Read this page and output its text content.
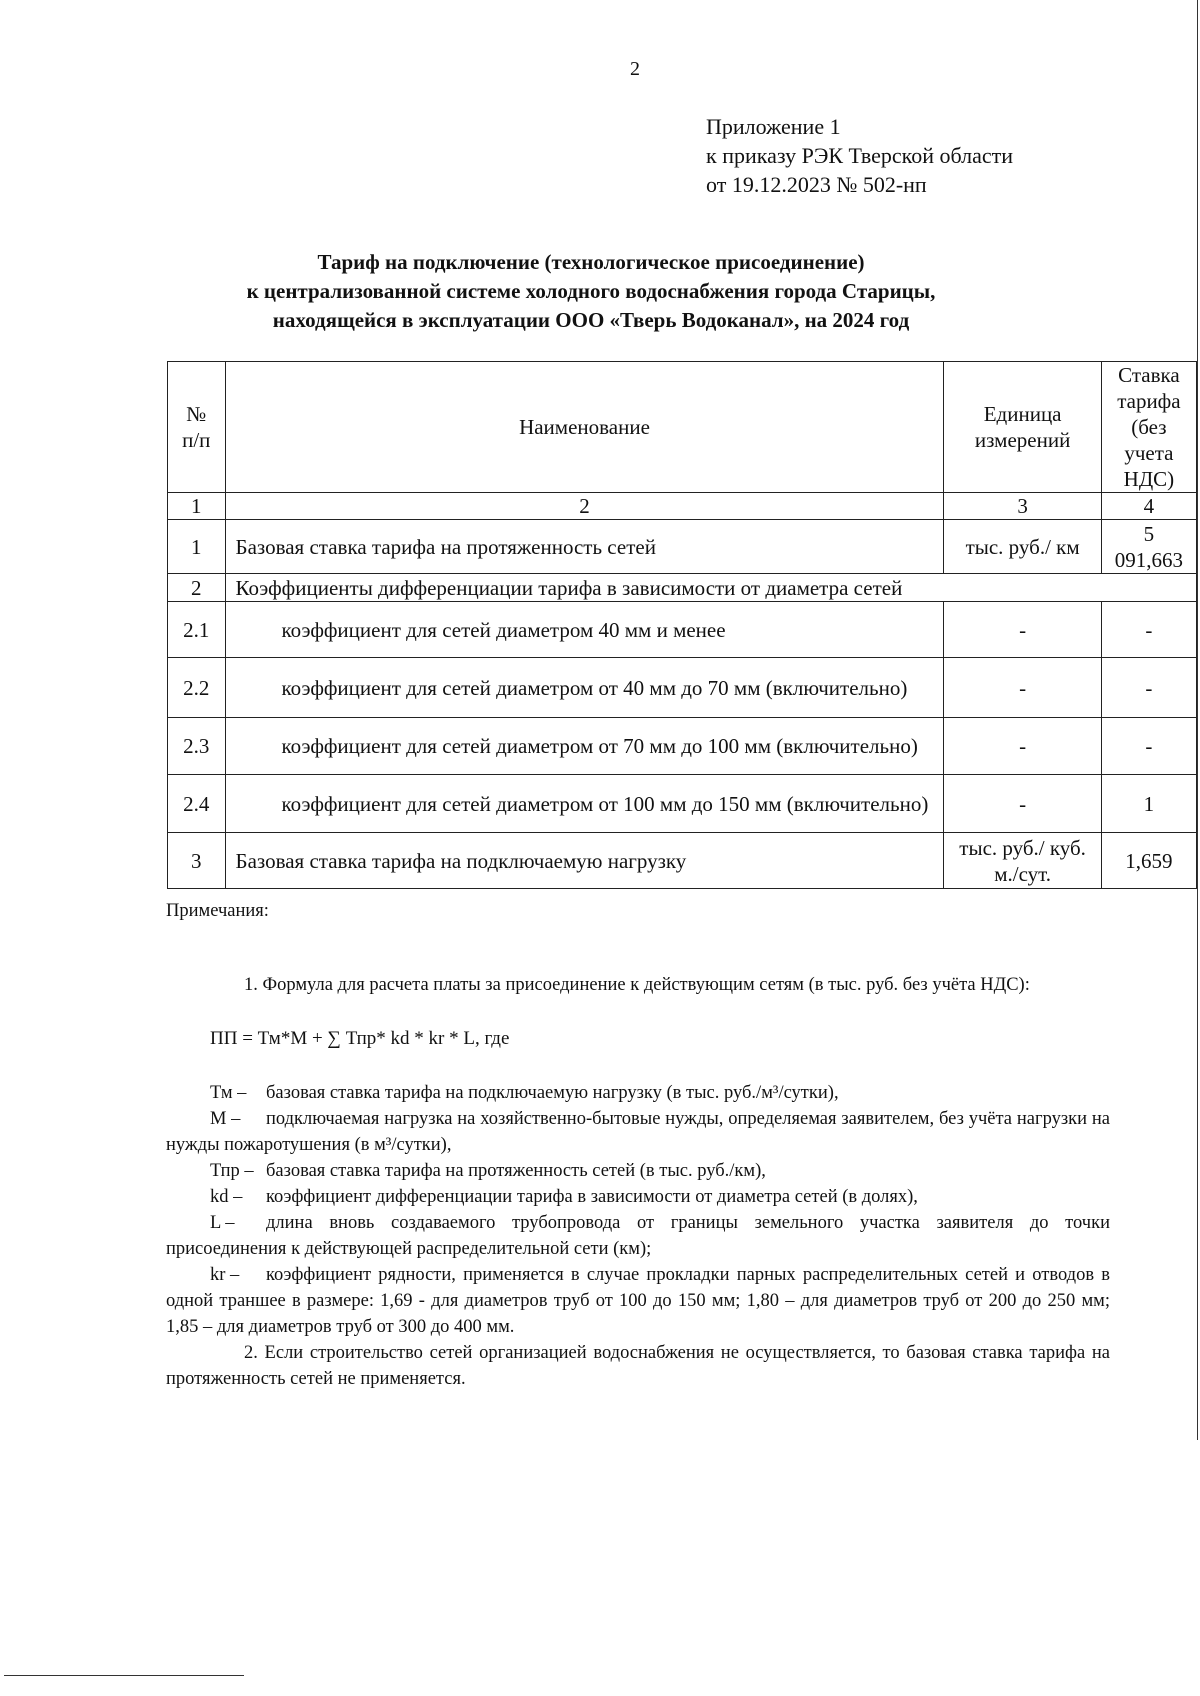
2
Приложение 1
к приказу РЭК Тверской области
от 19.12.2023 № 502-нп
Тариф на подключение (технологическое присоединение)
к централизованной системе холодного водоснабжения города Старицы,
находящейся в эксплуатации ООО «Тверь Водоканал», на 2024 год
№ п/п	Наименование	Единица измерений	Ставка тарифа (без учета НДС)
1	2	3	4
1	Базовая ставка тарифа на протяженность сетей	тыс. руб./ км	5 091,663
2	Коэффициенты дифференциации тарифа в зависимости от диаметра сетей		
2.1	коэффициент для сетей диаметром 40 мм и менее	-	-
2.2	коэффициент для сетей диаметром от 40 мм до 70 мм (включительно)	-	-
2.3	коэффициент для сетей диаметром от 70 мм до 100 мм (включительно)	-	-
2.4	коэффициент для сетей диаметром от 100 мм до 150 мм (включительно)	-	1
3	Базовая ставка тарифа на подключаемую нагрузку	тыс. руб./ куб. м./сут.	1,659

Примечания:

1. Формула для расчета платы за присоединение к действующим сетям (в тыс. руб. без учёта НДС):

ПП = Тм*М + ∑ Тпр* kd * kr * L, где

Тм – базовая ставка тарифа на подключаемую нагрузку (в тыс. руб./м³/сутки),

М – подключаемая нагрузка на хозяйственно-бытовые нужды, определяемая заявителем, без учёта нагрузки на нужды пожаротушения (в м³/сутки),

Тпр – базовая ставка тарифа на протяженность сетей (в тыс. руб./км),

kd – коэффициент дифференциации тарифа в зависимости от диаметра сетей (в долях),

L – длина вновь создаваемого трубопровода от границы земельного участка заявителя до точки присоединения к действующей распределительной сети (км);

kr – коэффициент рядности, применяется в случае прокладки парных распределительных сетей и отводов в одной траншее в размере: 1,69 - для диаметров труб от 100 до 150 мм; 1,80 – для диаметров труб от 200 до 250 мм; 1,85 – для диаметров труб от 300 до 400 мм.

2. Если строительство сетей организацией водоснабжения не осуществляется, то базовая ставка тарифа на протяженность сетей не применяется.
